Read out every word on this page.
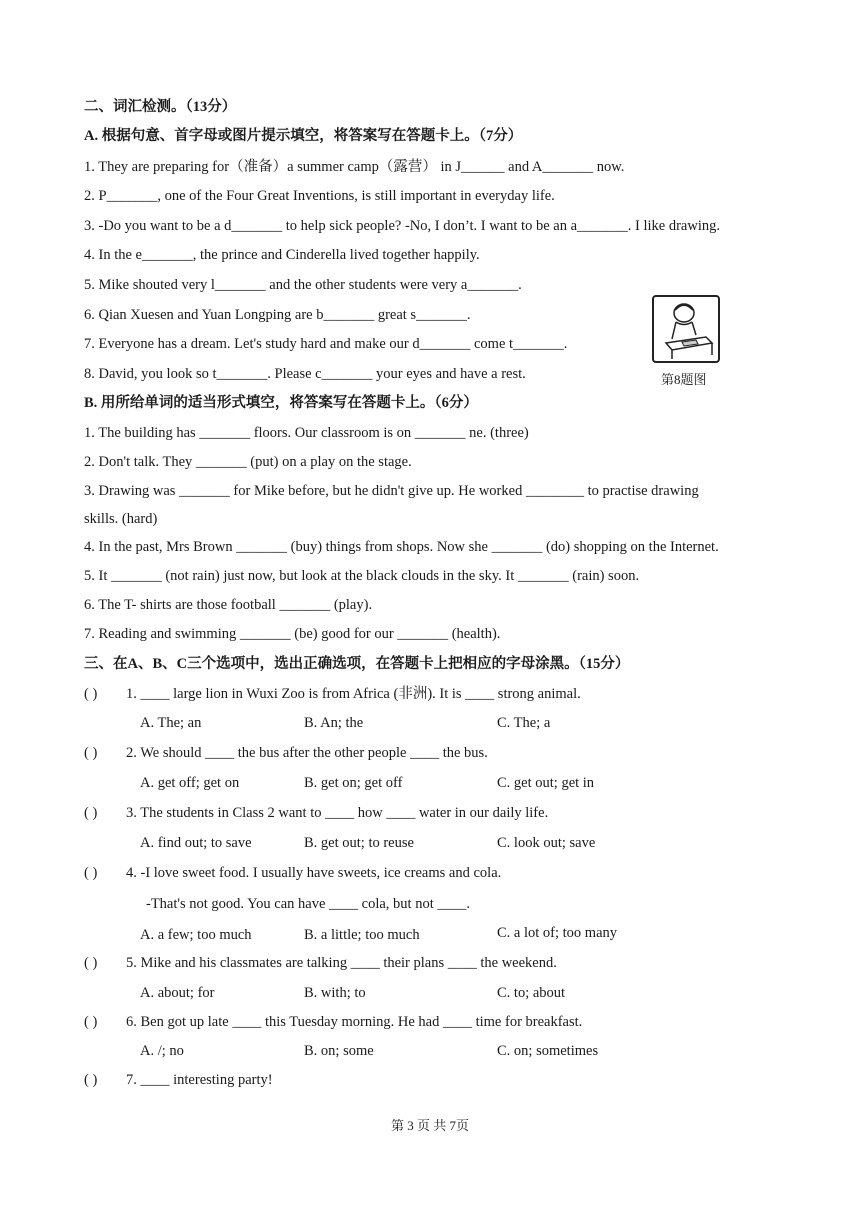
二、词汇检测。（13分）
A. 根据句意、首字母或图片提示填空，将答案写在答题卡上。（7分）
1. They are preparing for（准备）a summer camp（露营） in J______ and A_______ now.
2. P_______, one of the Four Great Inventions, is still important in everyday life.
3. -Do you want to be a d_______ to help sick people? -No, I don’t. I want to be an a_______. I like drawing.
4. In the e_______, the prince and Cinderella lived together happily.
5. Mike shouted very l_______ and the other students were very a_______.
6. Qian Xuesen and Yuan Longping are b_______ great s_______.
7. Everyone has a dream. Let's study hard and make our d_______ come t_______.
8. David, you look so t_______. Please c_______ your eyes and have a rest.	第8题图
B. 用所给单词的适当形式填空，将答案写在答题卡上。（6分）
1. The building has _______ floors. Our classroom is on _______ ne. (three)
2. Don't talk. They _______ (put) on a play on the stage.
3. Drawing was _______ for Mike before, but he didn't give up. He worked ________ to practise drawing
skills. (hard)
4. In the past, Mrs Brown _______ (buy) things from shops. Now she _______ (do) shopping on the Internet.
5. It _______ (not rain) just now, but look at the black clouds in the sky. It _______ (rain) soon.
6. The T- shirts are those football _______ (play).
7. Reading and swimming _______ (be) good for our _______ (health).
三、在A、B、C三个选项中，选出正确选项，在答题卡上把相应的字母涂黑。（15分）
( ) 1. ____ large lion in Wuxi Zoo is from Africa (非洲). It is ____ strong animal.
A. The; an	B. An; the	C. The; a
( ) 2. We should ____ the bus after the other people ____ the bus.
A. get off; get on	B. get on; get off	C. get out; get in
( ) 3. The students in Class 2 want to ____ how ____ water in our daily life.
A. find out; to save	B. get out; to reuse	C. look out; save
( ) 4. -I love sweet food. I usually have sweets, ice creams and cola.
-That's not good. You can have ____ cola, but not ____.
A. a few; too much	B. a little; too much	C. a lot of; too many
( ) 5. Mike and his classmates are talking ____ their plans ____ the weekend.
A. about; for	B. with; to	C. to; about
( ) 6. Ben got up late ____ this Tuesday morning. He had ____ time for breakfast.
A. /; no	B. on; some	C. on; sometimes
( ) 7. ____ interesting party!
第 3 页 共 7页
